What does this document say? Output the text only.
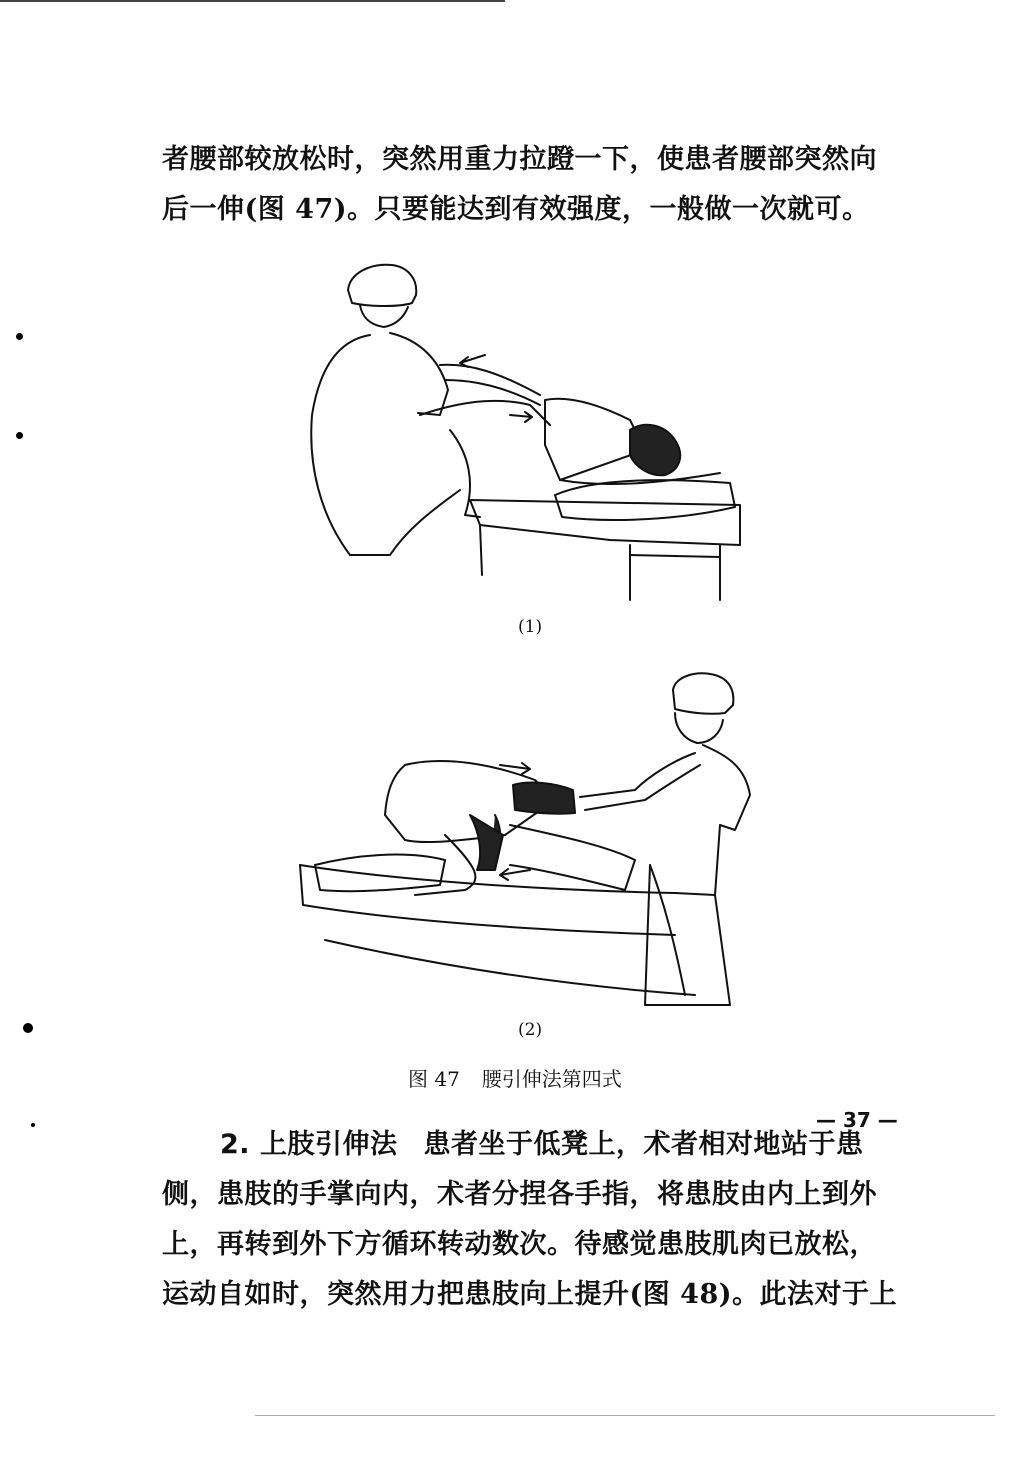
者腰部较放松时，突然用重力拉蹬一下，使患者腰部突然向
后一伸(图 47)。只要能达到有效强度，一般做一次就可。
(1)
(2)
图 47 腰引伸法第四式
2. 上肢引伸法 患者坐于低凳上，术者相对地站于患
侧，患肢的手掌向内，术者分捏各手指，将患肢由内上到外
上，再转到外下方循环转动数次。待感觉患肢肌肉已放松，
运动自如时，突然用力把患肢向上提升(图 48)。此法对于上
— 37 —
